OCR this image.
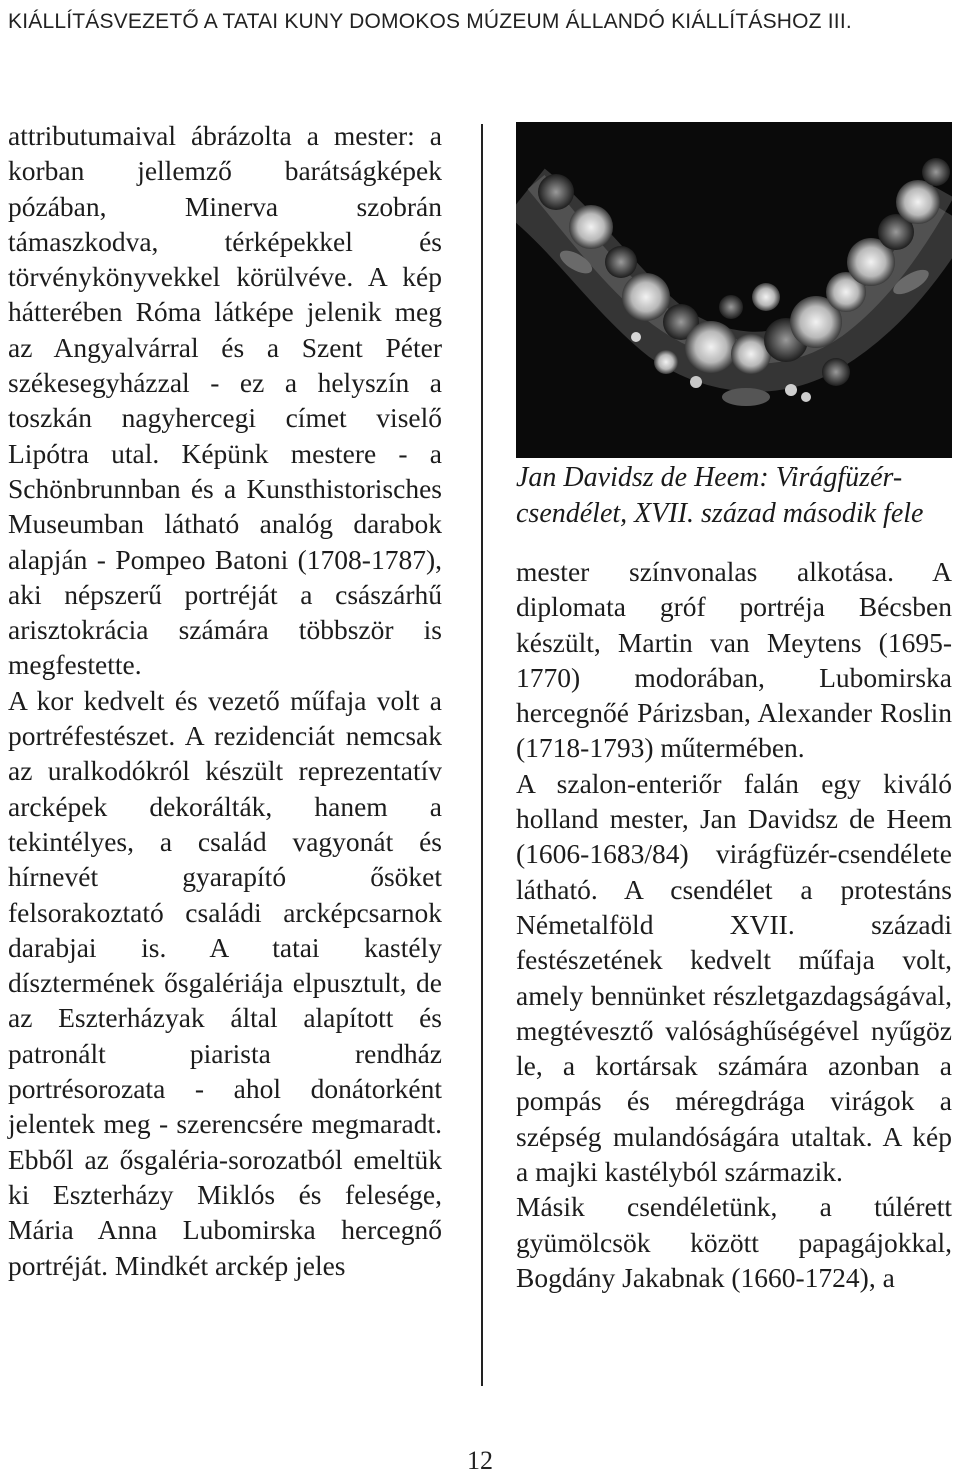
KIÁLLÍTÁSVEZETŐ A TATAI KUNY DOMOKOS MÚZEUM ÁLLANDÓ KIÁLLÍTÁSHOZ III.

attributumaival ábrázolta a mester: a korban jellemző barátságképek pózában, Minerva szobrán támaszkodva, térképekkel és törvénykönyvekkel körülvéve. A kép hátterében Róma látképe jelenik meg az Angyalvárral és a Szent Péter székesegyházzal - ez a helyszín a toszkán nagyhercegi címet viselő Lipótra utal. Képünk mestere - a Schönbrunnban és a Kunsthistorisches Museumban látható analóg darabok alapján - Pompeo Batoni (1708-1787), aki népszerű portréját a császárhű arisztokrácia számára többször is megfestette.

A kor kedvelt és vezető műfaja volt a portréfestészet. A rezidenciát nemcsak az uralkodókról készült reprezentatív arcképek dekorálták, hanem a tekintélyes, a család vagyonát és hírnevét gyarapító ősöket felsorakoztató családi arcképcsarnok darabjai is. A tatai kastély dísztermének ősgalériája elpusztult, de az Eszterházyak által alapított és patronált piarista rendház portrésorozata - ahol donátorként jelentek meg - szerencsére megmaradt. Ebből az ősgaléria-sorozatból emeltük ki Eszterházy Miklós és felesége, Mária Anna Lubomirska hercegnő portréját. Mindkét arckép jeles

Jan Davidsz de Heem: Virágfüzér-csendélet, XVII. század második fele

mester színvonalas alkotása. A diplomata gróf portréja Bécsben készült, Martin van Meytens (1695-1770) modorában, Lubomirska hercegnőé Párizsban, Alexander Roslin (1718-1793) műtermében.

A szalon-enteriőr falán egy kiváló holland mester, Jan Davidsz de Heem (1606-1683/84) virágfüzér-csendélete látható. A csendélet a protestáns Németalföld XVII. századi festészetének kedvelt műfaja volt, amely bennünket részletgazdagságával, megtévesztő valósághűségével nyűgöz le, a kortársak számára azonban a pompás és méregdrága virágok a szépség mulandóságára utaltak. A kép a majki kastélyból származik.

Másik csendéletünk, a túlérett gyümölcsök között papagájokkal, Bogdány Jakabnak (1660-1724), a

12
